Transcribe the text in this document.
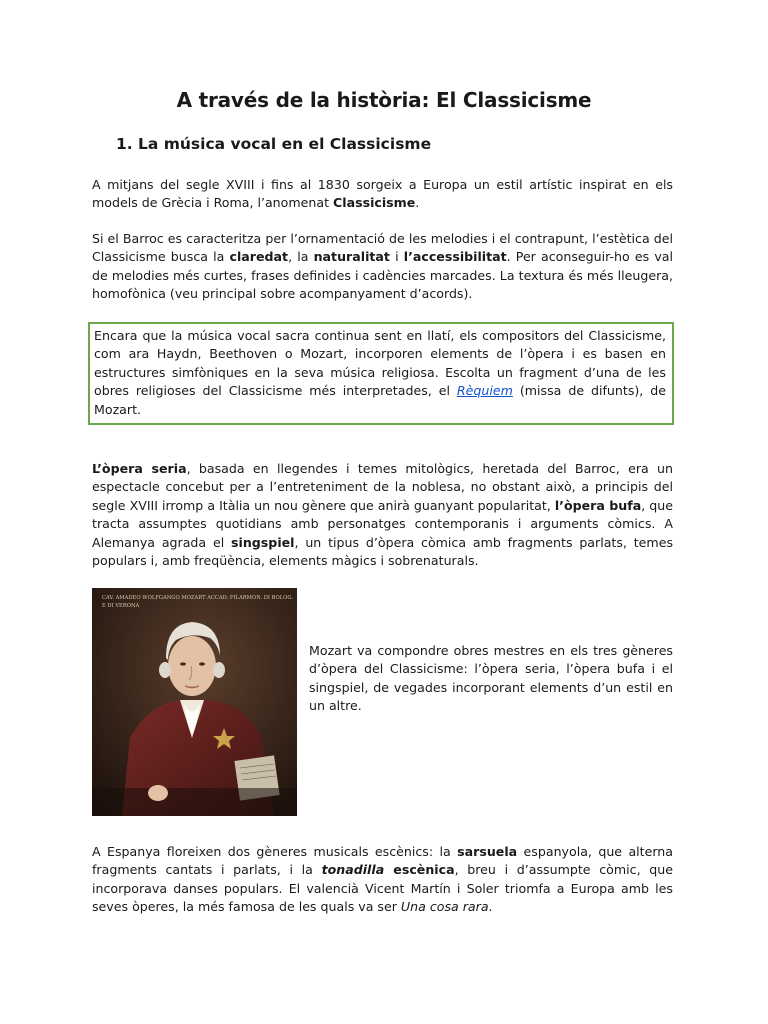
A través de la història: El Classicisme
1. La música vocal en el Classicisme

A mitjans del segle XVIII i fins al 1830 sorgeix a Europa un estil artístic inspirat en els models de Grècia i Roma, l’anomenat Classicisme.

Si el Barroc es caracteritza per l’ornamentació de les melodies i el contrapunt, l’estètica del Classicisme busca la claredat, la naturalitat i l’accessibilitat. Per aconseguir-ho es val de melodies més curtes, frases definides i cadències marcades. La textura és més lleugera, homofònica (veu principal sobre acompanyament d’acords).

Encara que la música vocal sacra continua sent en llatí, els compositors del Classicisme, com ara Haydn, Beethoven o Mozart, incorporen elements de l’òpera i es basen en estructures simfòniques en la seva música religiosa. Escolta un fragment d’una de les obres religioses del Classicisme més interpretades, el Rèquiem (missa de difunts), de Mozart.

L’òpera seria, basada en llegendes i temes mitològics, heretada del Barroc, era un espectacle concebut per a l’entreteniment de la noblesa, no obstant això, a principis del segle XVIII irromp a Itàlia un nou gènere que anirà guanyant popularitat, l’òpera bufa, que tracta assumptes quotidians amb personatges contemporanis i arguments còmics. A Alemanya agrada el singspiel, un tipus d’òpera còmica amb fragments parlats, temes populars i, amb freqüència, elements màgics i sobrenaturals.

CAV. AMADEO WOLFGANGO MOZART ACCAD. FILARMON. DI BOLOG.
E DI VERONA

Mozart va compondre obres mestres en els tres gèneres d’òpera del Classicisme: l’òpera seria, l’òpera bufa i el singspiel, de vegades incorporant elements d’un estil en un altre.

A Espanya floreixen dos gèneres musicals escènics: la sarsuela espanyola, que alterna fragments cantats i parlats, i la tonadilla escènica, breu i d’assumpte còmic, que incorporava danses populars. El valencià Vicent Martín i Soler triomfa a Europa amb les seves òperes, la més famosa de les quals va ser Una cosa rara.
